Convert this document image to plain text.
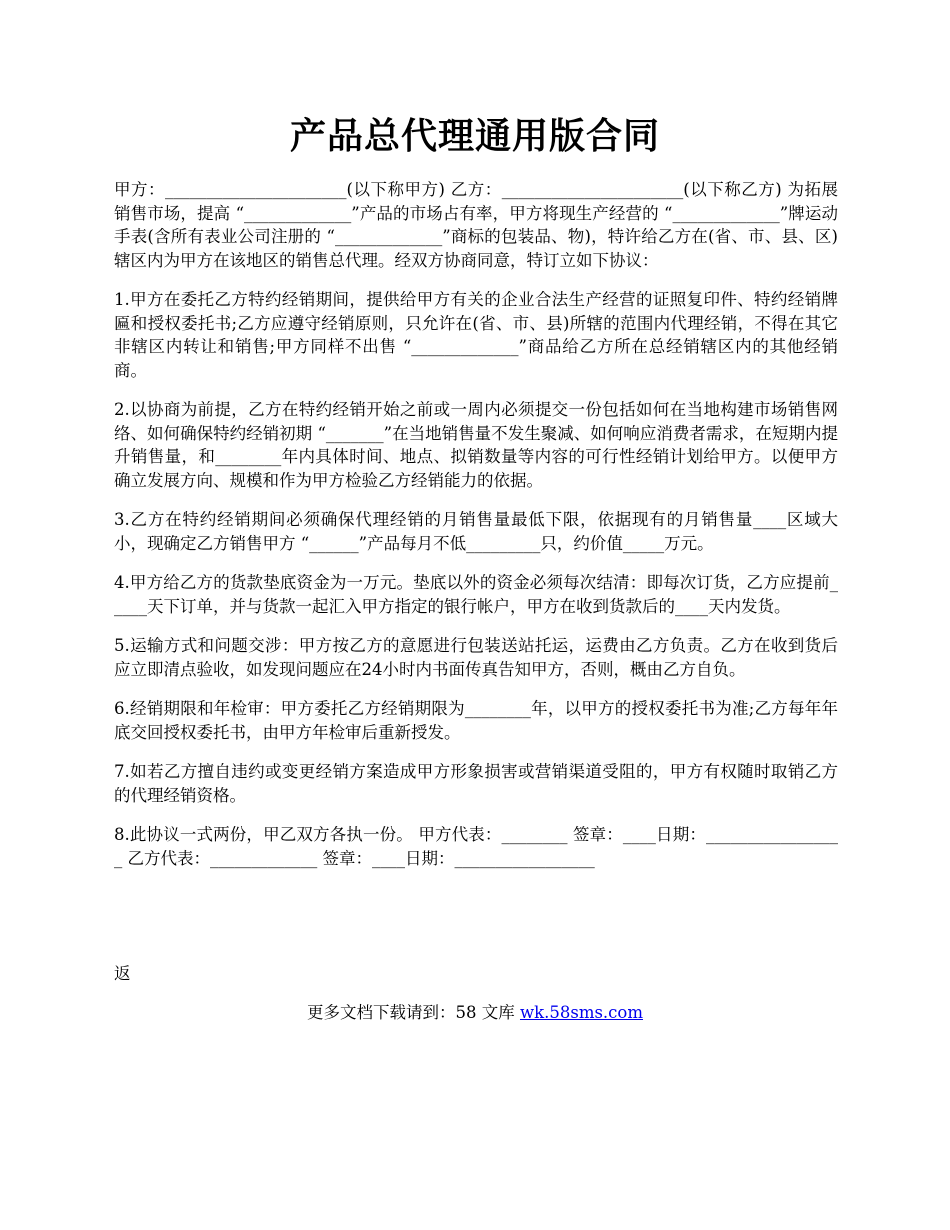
产品总代理通用版合同

甲方：______________________(以下称甲方) 乙方：______________________(以下称乙方) 为拓展销售市场，提高 “_____________”产品的市场占有率，甲方将现生产经营的 “_____________”牌运动手表(含所有表业公司注册的 “_____________”商标的包装品、物)，特许给乙方在(省、市、县、区)辖区内为甲方在该地区的销售总代理。经双方协商同意，特订立如下协议：

1.甲方在委托乙方特约经销期间，提供给甲方有关的企业合法生产经营的证照复印件、特约经销牌匾和授权委托书;乙方应遵守经销原则，只允许在(省、市、县)所辖的范围内代理经销，不得在其它非辖区内转让和销售;甲方同样不出售 “_____________”商品给乙方所在总经销辖区内的其他经销商。

2.以协商为前提，乙方在特约经销开始之前或一周内必须提交一份包括如何在当地构建市场销售网络、如何确保特约经销初期 “_______”在当地销售量不发生聚减、如何响应消费者需求，在短期内提升销售量，和________年内具体时间、地点、拟销数量等内容的可行性经销计划给甲方。以便甲方确立发展方向、规模和作为甲方检验乙方经销能力的依据。

3.乙方在特约经销期间必须确保代理经销的月销售量最低下限，依据现有的月销售量____区域大小，现确定乙方销售甲方 “______”产品每月不低_________只，约价值_____万元。

4.甲方给乙方的货款垫底资金为一万元。垫底以外的资金必须每次结清：即每次订货，乙方应提前_____天下订单，并与货款一起汇入甲方指定的银行帐户，甲方在收到货款后的____天内发货。

5.运输方式和问题交涉：甲方按乙方的意愿进行包装送站托运，运费由乙方负责。乙方在收到货后应立即清点验收，如发现问题应在24小时内书面传真告知甲方，否则，概由乙方自负。

6.经销期限和年检审：甲方委托乙方经销期限为________年，以甲方的授权委托书为准;乙方每年年底交回授权委托书，由甲方年检审后重新授发。

7.如若乙方擅自违约或变更经销方案造成甲方形象损害或营销渠道受阻的，甲方有权随时取销乙方的代理经销资格。

8.此协议一式两份，甲乙双方各执一份。 甲方代表：________ 签章：____日期：_________________ 乙方代表：_____________ 签章：____日期：_________________

返
更多文档下载请到：58 文库 wk.58sms.com
